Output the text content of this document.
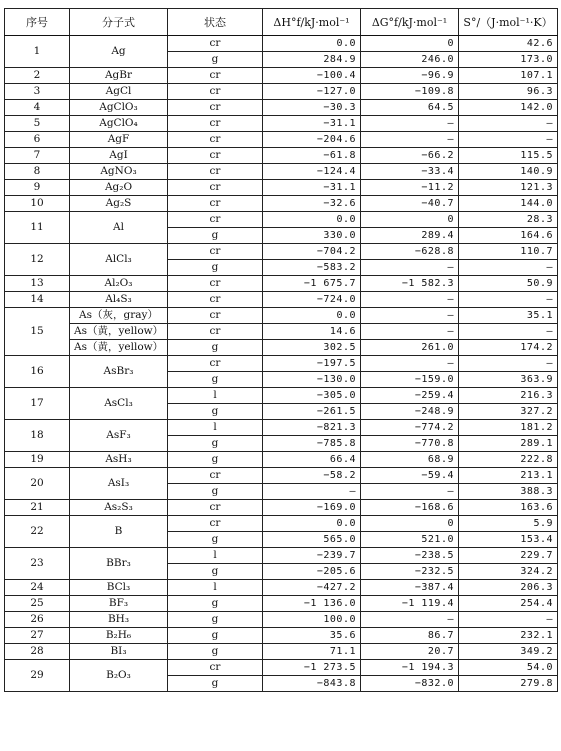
序号	分子式	状态	ΔH°f/kJ·mol⁻¹	ΔG°f/kJ·mol⁻¹	S°/（J·mol⁻¹·K）
1	Ag	cr	0.0	0	42.6
		g	284.9	246.0	173.0
2	AgBr	cr	−100.4	−96.9	107.1
3	AgCl	cr	−127.0	−109.8	96.3
4	AgClO₃	cr	−30.3	64.5	142.0
5	AgClO₄	cr	−31.1	—	—
6	AgF	cr	−204.6	—	—
7	AgI	cr	−61.8	−66.2	115.5
8	AgNO₃	cr	−124.4	−33.4	140.9
9	Ag₂O	cr	−31.1	−11.2	121.3
10	Ag₂S	cr	−32.6	−40.7	144.0
11	Al	cr	0.0	0	28.3
		g	330.0	289.4	164.6
12	AlCl₃	cr	−704.2	−628.8	110.7
		g	−583.2	—	—
13	Al₂O₃	cr	−1 675.7	−1 582.3	50.9
14	Al₄S₃	cr	−724.0	—	—
15	As（灰，gray）	cr	0.0	—	35.1
	As（黄，yellow）	cr	14.6	—	—
	As（黄，yellow）	g	302.5	261.0	174.2
16	AsBr₃	cr	−197.5	—	—
		g	−130.0	−159.0	363.9
17	AsCl₃	l	−305.0	−259.4	216.3
		g	−261.5	−248.9	327.2
18	AsF₃	l	−821.3	−774.2	181.2
		g	−785.8	−770.8	289.1
19	AsH₃	g	66.4	68.9	222.8
20	AsI₃	cr	−58.2	−59.4	213.1
		g	—	—	388.3
21	As₂S₃	cr	−169.0	−168.6	163.6
22	B	cr	0.0	0	5.9
		g	565.0	521.0	153.4
23	BBr₃	l	−239.7	−238.5	229.7
		g	−205.6	−232.5	324.2
24	BCl₃	l	−427.2	−387.4	206.3
25	BF₃	g	−1 136.0	−1 119.4	254.4
26	BH₃	g	100.0	—	—
27	B₂H₆	g	35.6	86.7	232.1
28	BI₃	g	71.1	20.7	349.2
29	B₂O₃	cr	−1 273.5	−1 194.3	54.0
		g	−843.8	−832.0	279.8
